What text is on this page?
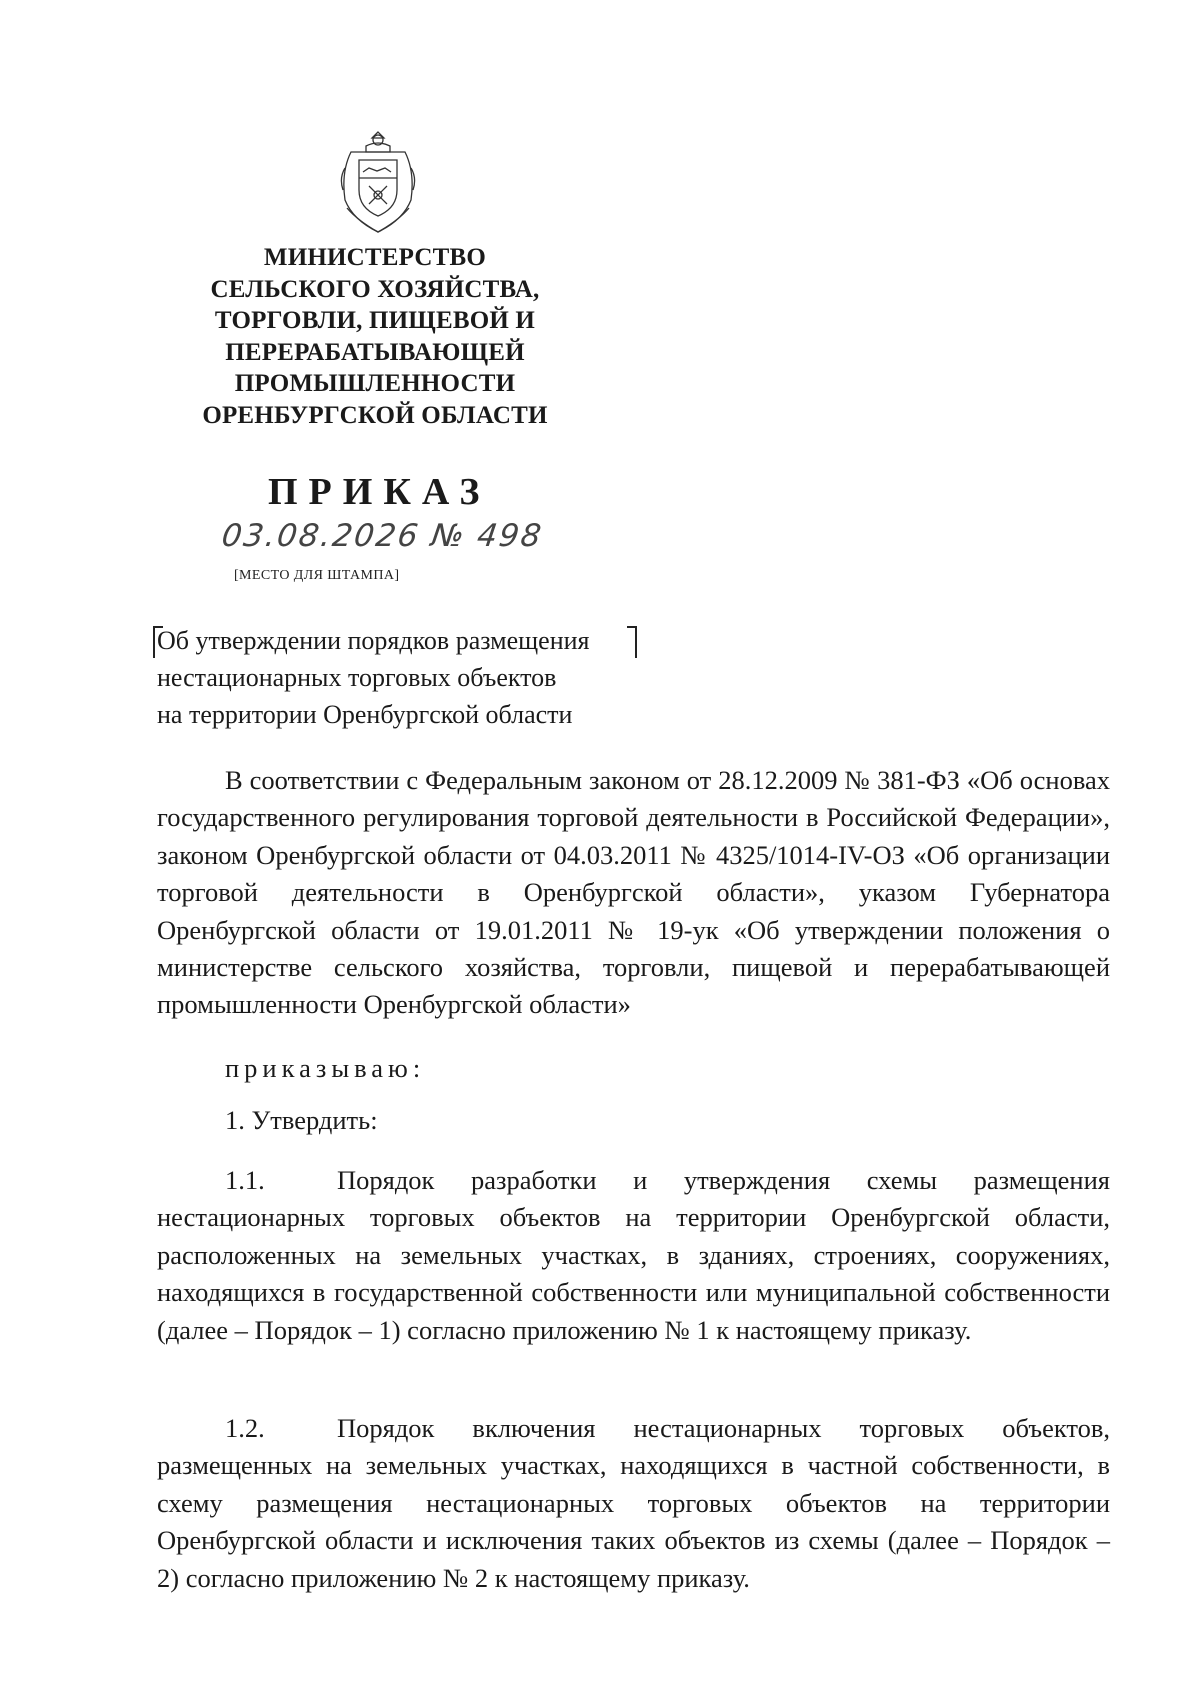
МИНИСТЕРСТВО
СЕЛЬСКОГО ХОЗЯЙСТВА,
ТОРГОВЛИ, ПИЩЕВОЙ И
ПЕРЕРАБАТЫВАЮЩЕЙ
ПРОМЫШЛЕННОСТИ
ОРЕНБУРГСКОЙ ОБЛАСТИ
ПРИКАЗ
03.08.2026 № 498
[МЕСТО ДЛЯ ШТАМПА]
Об утверждении порядков размещения
нестационарных торговых объектов
на территории Оренбургской области

В соответствии с Федеральным законом от 28.12.2009 № 381-ФЗ «Об основах государственного регулирования торговой деятельности в Российской Федерации», законом Оренбургской области от 04.03.2011 № 4325/1014-IV-ОЗ «Об организации торговой деятельности в Оренбургской области», указом Губернатора Оренбургской области от 19.01.2011 № 19-ук «Об утверждении положения о министерстве сельского хозяйства, торговли, пищевой и перерабатывающей промышленности Оренбургской области»

приказываю:
1. Утвердить:

1.1.	Порядок разработки и утверждения схемы размещения нестационарных торговых объектов на территории Оренбургской области, расположенных на земельных участках, в зданиях, строениях, сооружениях, находящихся в государственной собственности или муниципальной собственности (далее – Порядок – 1) согласно приложению № 1 к настоящему приказу.

1.2.	Порядок включения нестационарных торговых объектов, размещенных на земельных участках, находящихся в частной собственности, в схему размещения нестационарных торговых объектов на территории Оренбургской области и исключения таких объектов из схемы (далее – Порядок – 2) согласно приложению № 2 к настоящему приказу.
